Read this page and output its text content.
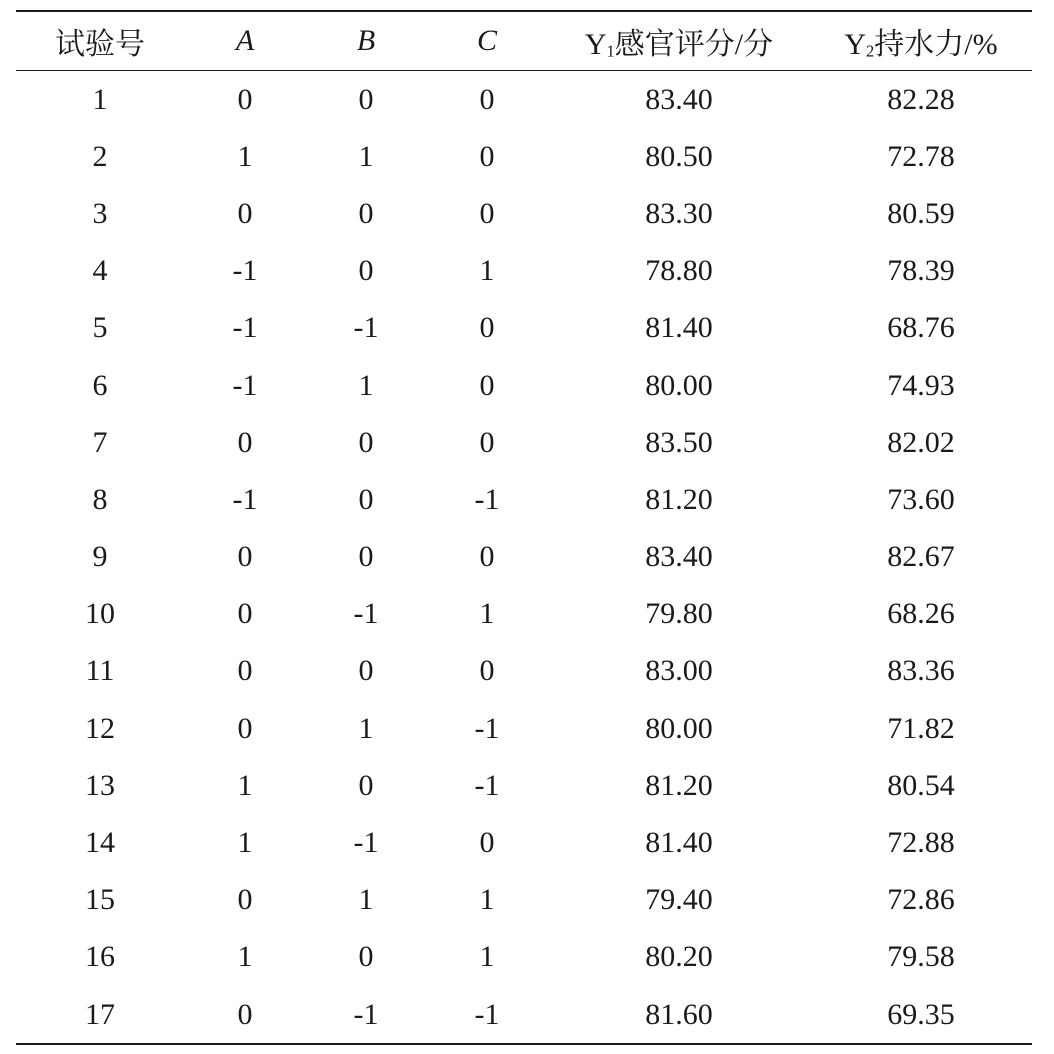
试验号	A	B	C	$Y_1$感官评分/分	$Y_2$持水力/%
1	0	0	0	83.40	82.28
2	1	1	0	80.50	72.78
3	0	0	0	83.30	80.59
4	-1	0	1	78.80	78.39
5	-1	-1	0	81.40	68.76
6	-1	1	0	80.00	74.93
7	0	0	0	83.50	82.02
8	-1	0	-1	81.20	73.60
9	0	0	0	83.40	82.67
10	0	-1	1	79.80	68.26
11	0	0	0	83.00	83.36
12	0	1	-1	80.00	71.82
13	1	0	-1	81.20	80.54
14	1	-1	0	81.40	72.88
15	0	1	1	79.40	72.86
16	1	0	1	80.20	79.58
17	0	-1	-1	81.60	69.35
